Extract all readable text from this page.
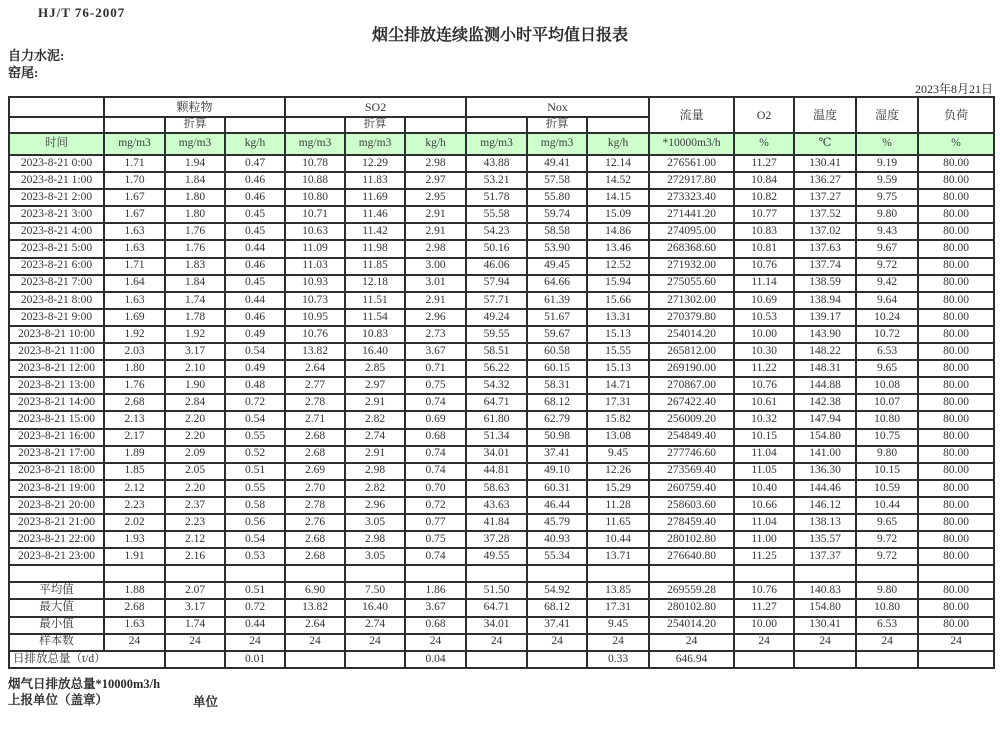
HJ/T 76-2007
烟尘排放连续监测小时平均值日报表
自力水泥:
窑尾:
2023年8月21日
	颗粒物			SO2			Nox			流量	O2	温度	湿度	负荷
		折算			折算			折算						
时间	mg/m3	mg/m3	kg/h	mg/m3	mg/m3	kg/h	mg/m3	mg/m3	kg/h	*10000m3/h	%	℃	%	%
2023-8-21 0:00	1.71	1.94	0.47	10.78	12.29	2.98	43.88	49.41	12.14	276561.00	11.27	130.41	9.19	80.00
2023-8-21 1:00	1.70	1.84	0.46	10.88	11.83	2.97	53.21	57.58	14.52	272917.80	10.84	136.27	9.59	80.00
2023-8-21 2:00	1.67	1.80	0.46	10.80	11.69	2.95	51.78	55.80	14.15	273323.40	10.82	137.27	9.75	80.00
2023-8-21 3:00	1.67	1.80	0.45	10.71	11.46	2.91	55.58	59.74	15.09	271441.20	10.77	137.52	9.80	80.00
2023-8-21 4:00	1.63	1.76	0.45	10.63	11.42	2.91	54.23	58.58	14.86	274095.00	10.83	137.02	9.43	80.00
2023-8-21 5:00	1.63	1.76	0.44	11.09	11.98	2.98	50.16	53.90	13.46	268368.60	10.81	137.63	9.67	80.00
2023-8-21 6:00	1.71	1.83	0.46	11.03	11.85	3.00	46.06	49.45	12.52	271932.00	10.76	137.74	9.72	80.00
2023-8-21 7:00	1.64	1.84	0.45	10.93	12.18	3.01	57.94	64.66	15.94	275055.60	11.14	138.59	9.42	80.00
2023-8-21 8:00	1.63	1.74	0.44	10.73	11.51	2.91	57.71	61.39	15.66	271302.00	10.69	138.94	9.64	80.00
2023-8-21 9:00	1.69	1.78	0.46	10.95	11.54	2.96	49.24	51.67	13.31	270379.80	10.53	139.17	10.24	80.00
2023-8-21 10:00	1.92	1.92	0.49	10.76	10.83	2.73	59.55	59.67	15.13	254014.20	10.00	143.90	10.72	80.00
2023-8-21 11:00	2.03	3.17	0.54	13.82	16.40	3.67	58.51	60.58	15.55	265812.00	10.30	148.22	6.53	80.00
2023-8-21 12:00	1.80	2.10	0.49	2.64	2.85	0.71	56.22	60.15	15.13	269190.00	11.22	148.31	9.65	80.00
2023-8-21 13:00	1.76	1.90	0.48	2.77	2.97	0.75	54.32	58.31	14.71	270867.00	10.76	144.88	10.08	80.00
2023-8-21 14:00	2.68	2.84	0.72	2.78	2.91	0.74	64.71	68.12	17.31	267422.40	10.61	142.38	10.07	80.00
2023-8-21 15:00	2.13	2.20	0.54	2.71	2.82	0.69	61.80	62.79	15.82	256009.20	10.32	147.94	10.80	80.00
2023-8-21 16:00	2.17	2.20	0.55	2.68	2.74	0.68	51.34	50.98	13.08	254849.40	10.15	154.80	10.75	80.00
2023-8-21 17:00	1.89	2.09	0.52	2.68	2.91	0.74	34.01	37.41	9.45	277746.60	11.04	141.00	9.80	80.00
2023-8-21 18:00	1.85	2.05	0.51	2.69	2.98	0.74	44.81	49.10	12.26	273569.40	11.05	136.30	10.15	80.00
2023-8-21 19:00	2.12	2.20	0.55	2.70	2.82	0.70	58.63	60.31	15.29	260759.40	10.40	144.46	10.59	80.00
2023-8-21 20:00	2.23	2.37	0.58	2.78	2.96	0.72	43.63	46.44	11.28	258603.60	10.66	146.12	10.44	80.00
2023-8-21 21:00	2.02	2.23	0.56	2.76	3.05	0.77	41.84	45.79	11.65	278459.40	11.04	138.13	9.65	80.00
2023-8-21 22:00	1.93	2.12	0.54	2.68	2.98	0.75	37.28	40.93	10.44	280102.80	11.00	135.57	9.72	80.00
2023-8-21 23:00	1.91	2.16	0.53	2.68	3.05	0.74	49.55	55.34	13.71	276640.80	11.25	137.37	9.72	80.00

平均值	1.88	2.07	0.51	6.90	7.50	1.86	51.50	54.92	13.85	269559.28	10.76	140.83	9.80	80.00
最大值	2.68	3.17	0.72	13.82	16.40	3.67	64.71	68.12	17.31	280102.80	11.27	154.80	10.80	80.00
最小值	1.63	1.74	0.44	2.64	2.74	0.68	34.01	37.41	9.45	254014.20	10.00	130.41	6.53	80.00
样本数	24	24	24	24	24	24	24	24	24	24	24	24	24	24
日排放总量（t/d）			0.01			0.04			0.33	646.94				
烟气日排放总量*10000m3/h
上报单位（盖章）	单位
